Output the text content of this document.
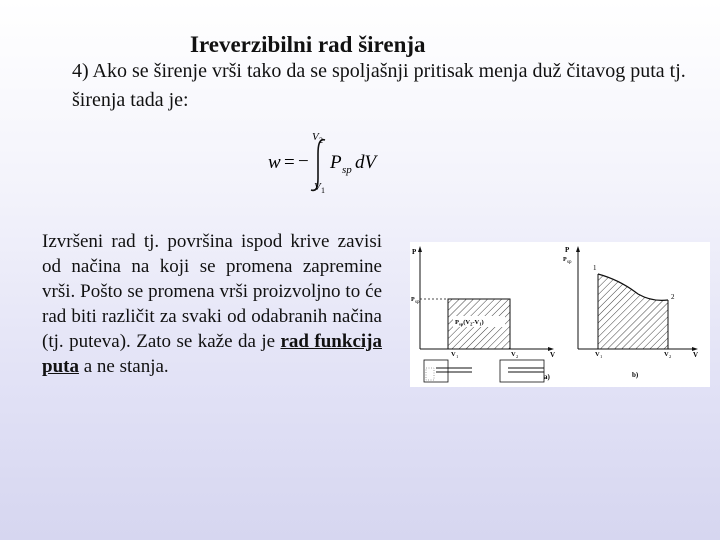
Ireverzibilni rad širenja

4) Ako se širenje vrši tako da se spoljašnji pritisak menja duž čitavog puta tj. širenja tada je:

w = −
V 2
V 1
P sp dV

Izvršeni rad tj. površina ispod krive zavisi od načina na koji se promena zapremine vrši. Pošto se promena vrši proizvoljno to će rad biti različit za svaki od odabranih načina (tj. puteva). Zato se kaže da je rad funkcija puta a ne stanja.

P
P sp
$P_{sp}(V_2-V_1)$
V 1	V 2	V
a)
P
P sp
1
2
V 1	V 2	V
b)
